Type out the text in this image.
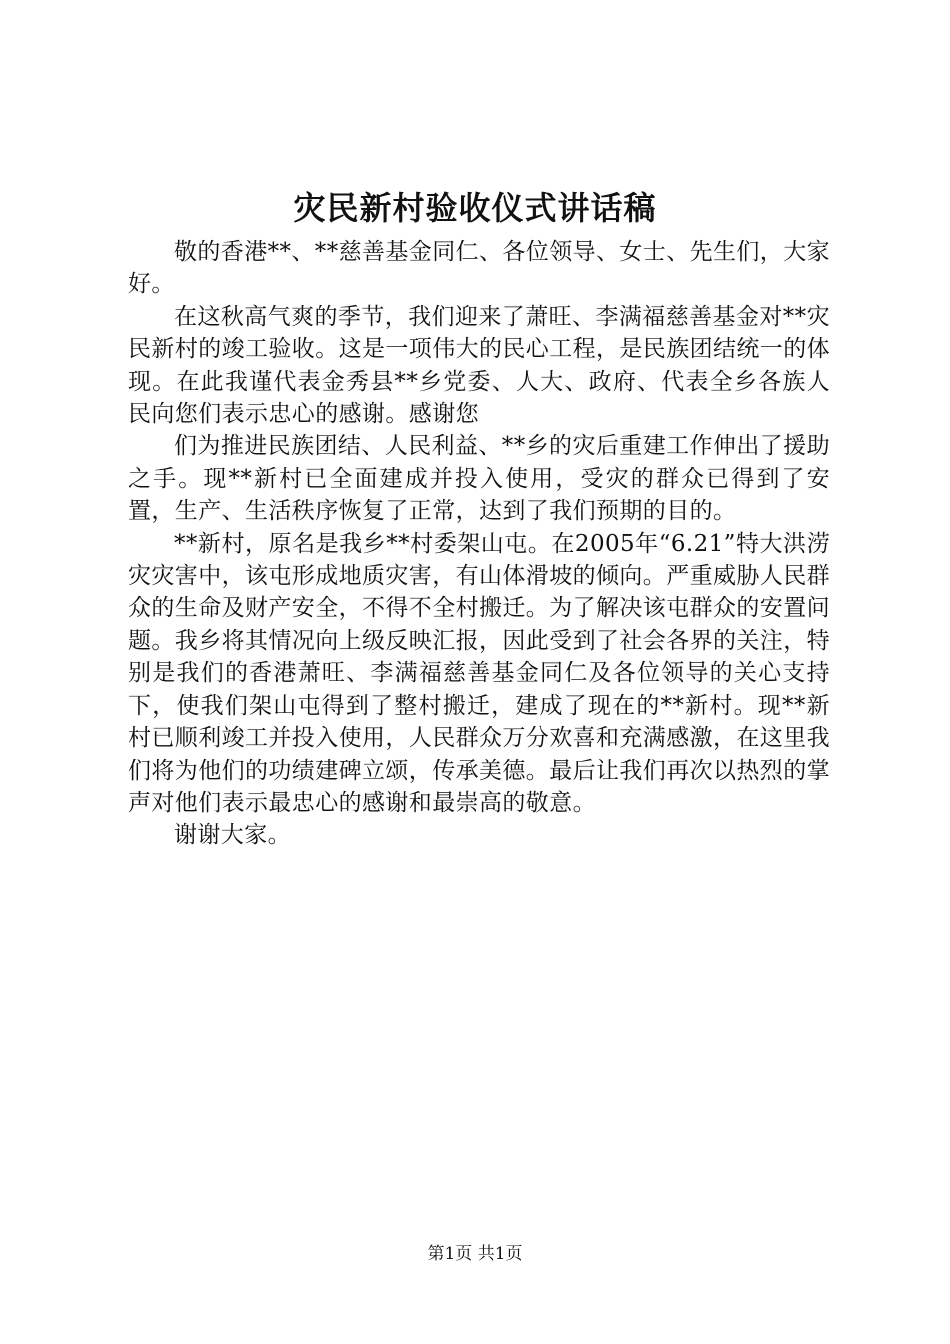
灾民新村验收仪式讲话稿

敬的香港**、**慈善基金同仁、各位领导、女士、先生们，大家好。

在这秋高气爽的季节，我们迎来了萧旺、李满福慈善基金对**灾民新村的竣工验收。这是一项伟大的民心工程，是民族团结统一的体现。在此我谨代表金秀县**乡党委、人大、政府、代表全乡各族人民向您们表示忠心的感谢。感谢您

们为推进民族团结、人民利益、**乡的灾后重建工作伸出了援助之手。现**新村已全面建成并投入使用，受灾的群众已得到了安置，生产、生活秩序恢复了正常，达到了我们预期的目的。

**新村，原名是我乡**村委架山屯。在2005年“6.21”特大洪涝灾灾害中，该屯形成地质灾害，有山体滑坡的倾向。严重威胁人民群众的生命及财产安全，不得不全村搬迁。为了解决该屯群众的安置问题。我乡将其情况向上级反映汇报，因此受到了社会各界的关注，特别是我们的香港萧旺、李满福慈善基金同仁及各位领导的关心支持下，使我们架山屯得到了整村搬迁，建成了现在的**新村。现**新村已顺利竣工并投入使用，人民群众万分欢喜和充满感激，在这里我们将为他们的功绩建碑立颂，传承美德。最后让我们再次以热烈的掌声对他们表示最忠心的感谢和最崇高的敬意。

谢谢大家。

第1页 共1页
